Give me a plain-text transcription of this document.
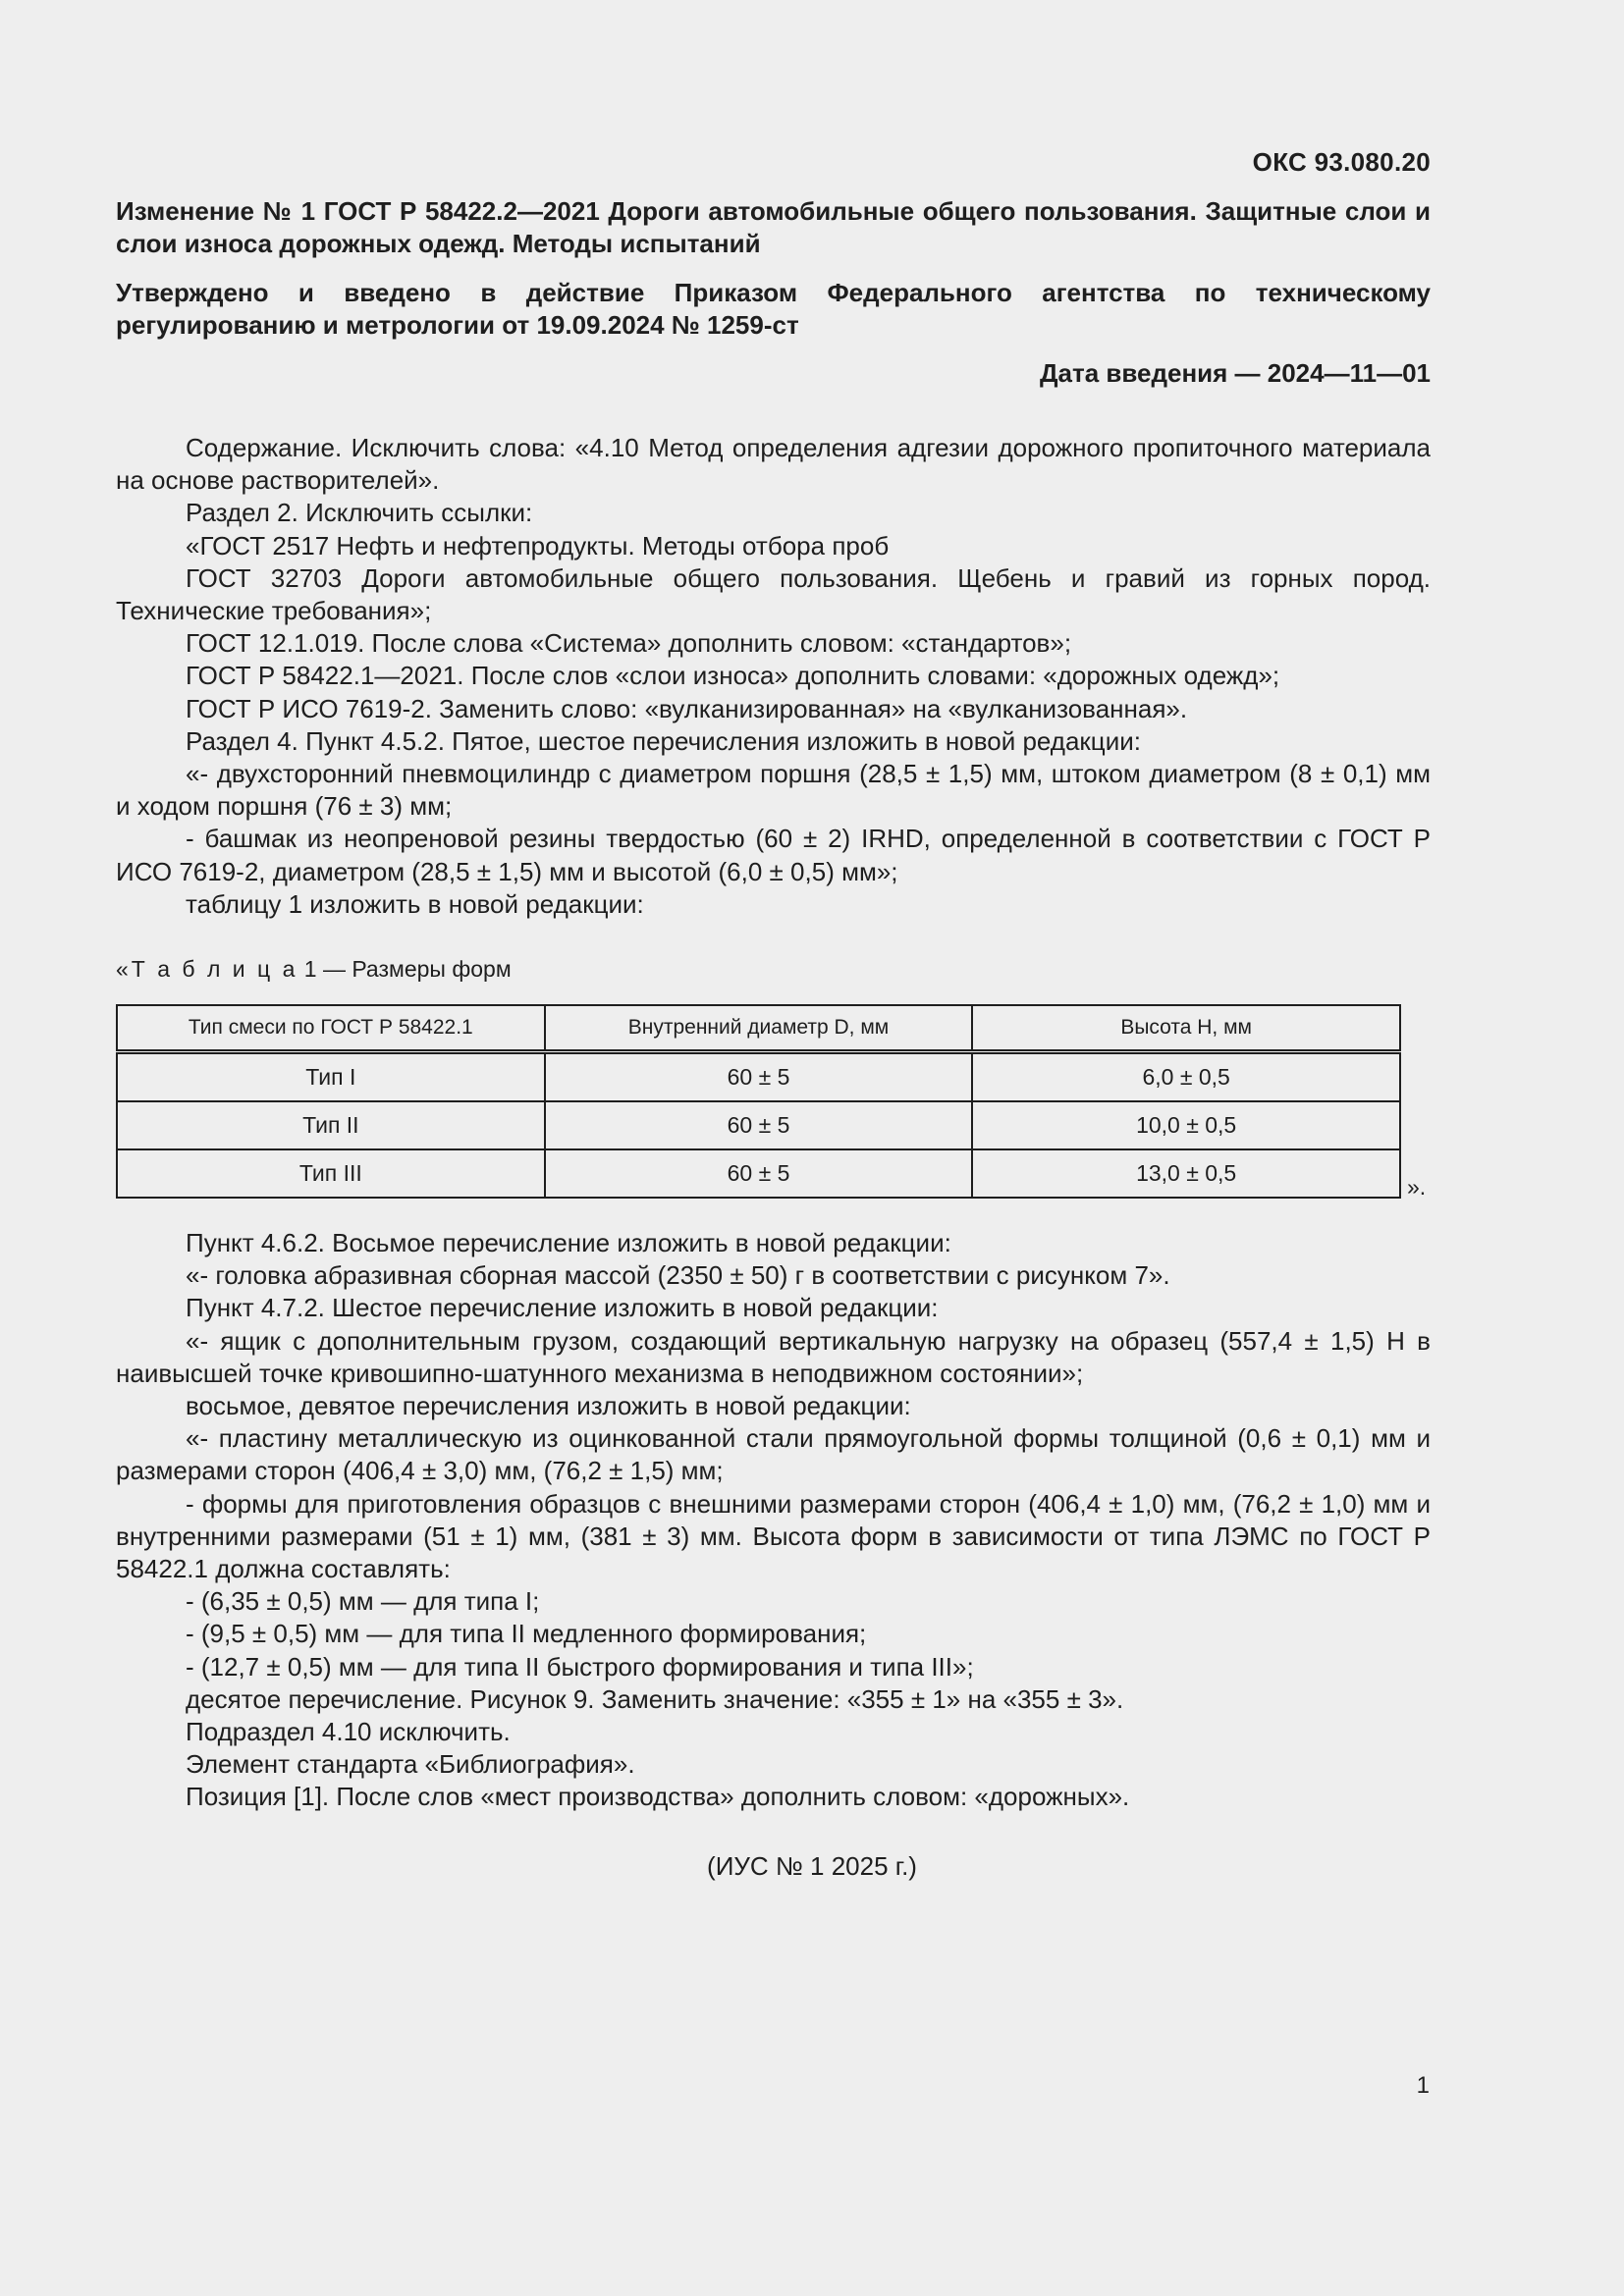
ОКС 93.080.20
Изменение № 1 ГОСТ Р 58422.2—2021 Дороги автомобильные общего пользования. Защитные слои и слои износа дорожных одежд. Методы испытаний
Утверждено и введено в действие Приказом Федерального агентства по техническому регулированию и метрологии от 19.09.2024 № 1259-ст
Дата введения — 2024—11—01

Содержание. Исключить слова: «4.10 Метод определения адгезии дорожного пропиточного материала на основе растворителей».

Раздел 2. Исключить ссылки:

«ГОСТ 2517 Нефть и нефтепродукты. Методы отбора проб

ГОСТ 32703 Дороги автомобильные общего пользования. Щебень и гравий из горных пород. Технические требования»;

ГОСТ 12.1.019. После слова «Система» дополнить словом: «стандартов»;

ГОСТ Р 58422.1—2021. После слов «слои износа» дополнить словами: «дорожных одежд»;

ГОСТ Р ИСО 7619-2. Заменить слово: «вулканизированная» на «вулканизованная».

Раздел 4. Пункт 4.5.2. Пятое, шестое перечисления изложить в новой редакции:

«- двухсторонний пневмоцилиндр с диаметром поршня (28,5 ± 1,5) мм, штоком диаметром (8 ± 0,1) мм и ходом поршня (76 ± 3) мм;

- башмак из неопреновой резины твердостью (60 ± 2) IRHD, определенной в соответствии с ГОСТ Р ИСО 7619-2, диаметром (28,5 ± 1,5) мм и высотой (6,0 ± 0,5) мм»;

таблицу 1 изложить в новой редакции:

«Т а б л и ц а 1 — Размеры форм
Тип смеси по ГОСТ Р 58422.1	Внутренний диаметр D, мм	Высота H, мм
Тип I	60 ± 5	6,0 ± 0,5
Тип II	60 ± 5	10,0 ± 0,5
Тип III	60 ± 5	13,0 ± 0,5
».

Пункт 4.6.2. Восьмое перечисление изложить в новой редакции:

«- головка абразивная сборная массой (2350 ± 50) г в соответствии с рисунком 7».

Пункт 4.7.2. Шестое перечисление изложить в новой редакции:

«- ящик с дополнительным грузом, создающий вертикальную нагрузку на образец (557,4 ± 1,5) Н в наивысшей точке кривошипно-шатунного механизма в неподвижном состоянии»;

восьмое, девятое перечисления изложить в новой редакции:

«- пластину металлическую из оцинкованной стали прямоугольной формы толщиной (0,6 ± 0,1) мм и размерами сторон (406,4 ± 3,0) мм, (76,2 ± 1,5) мм;

- формы для приготовления образцов с внешними размерами сторон (406,4 ± 1,0) мм, (76,2 ± 1,0) мм и внутренними размерами (51 ± 1) мм, (381 ± 3) мм. Высота форм в зависимости от типа ЛЭМС по ГОСТ Р 58422.1 должна составлять:

- (6,35 ± 0,5) мм — для типа I;

- (9,5 ± 0,5) мм — для типа II медленного формирования;

- (12,7 ± 0,5) мм — для типа II быстрого формирования и типа III»;

десятое перечисление. Рисунок 9. Заменить значение: «355 ± 1» на «355 ± 3».

Подраздел 4.10 исключить.

Элемент стандарта «Библиография».

Позиция [1]. После слов «мест производства» дополнить словом: «дорожных».

(ИУС № 1 2025 г.)
1
